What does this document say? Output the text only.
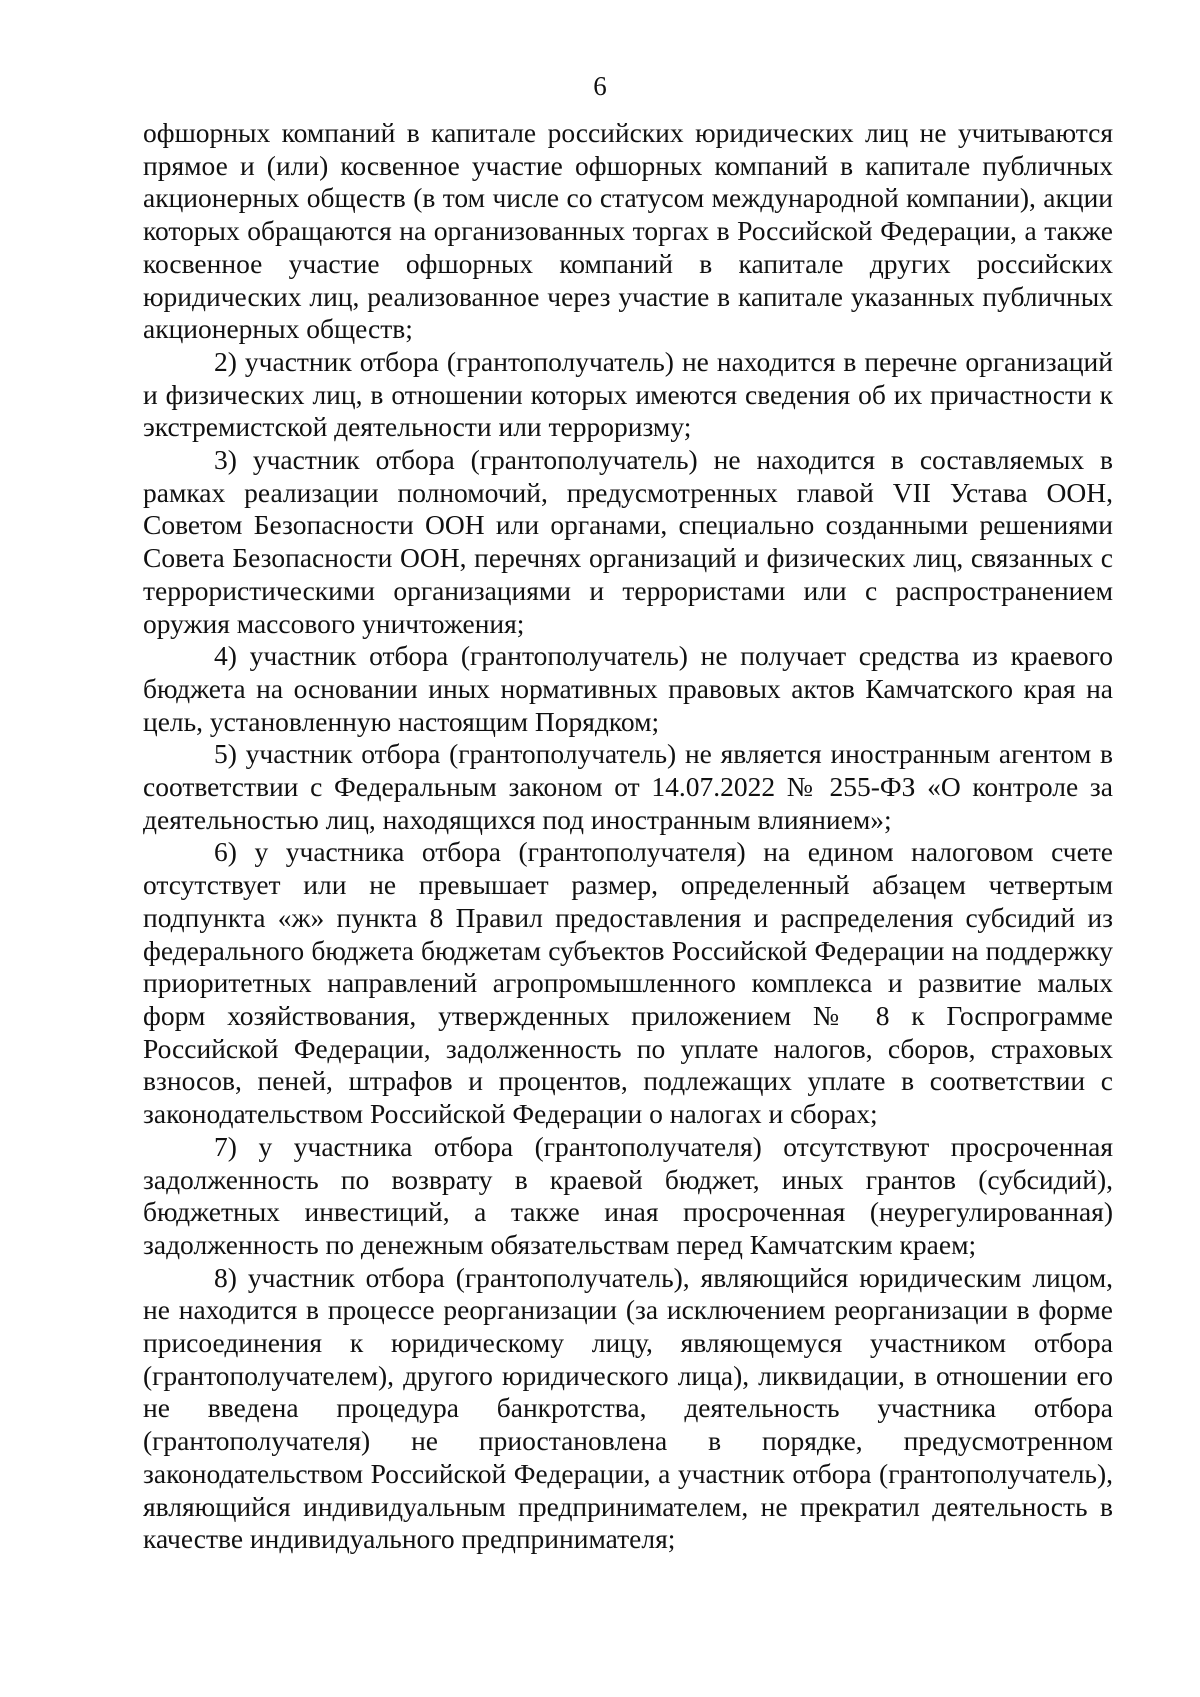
6

офшорных компаний в капитале российских юридических лиц не учитываются прямое и (или) косвенное участие офшорных компаний в капитале публичных акционерных обществ (в том числе со статусом международной компании), акции которых обращаются на организованных торгах в Российской Федерации, а также косвенное участие офшорных компаний в капитале других российских юридических лиц, реализованное через участие в капитале указанных публичных акционерных обществ;

2) участник отбора (грантополучатель) не находится в перечне организаций и физических лиц, в отношении которых имеются сведения об их причастности к экстремистской деятельности или терроризму;

3) участник отбора (грантополучатель) не находится в составляемых в рамках реализации полномочий, предусмотренных главой VII Устава ООН, Советом Безопасности ООН или органами, специально созданными решениями Совета Безопасности ООН, перечнях организаций и физических лиц, связанных с террористическими организациями и террористами или с распространением оружия массового уничтожения;

4) участник отбора (грантополучатель) не получает средства из краевого бюджета на основании иных нормативных правовых актов Камчатского края на цель, установленную настоящим Порядком;

5) участник отбора (грантополучатель) не является иностранным агентом в соответствии с Федеральным законом от 14.07.2022 № 255-ФЗ «О контроле за деятельностью лиц, находящихся под иностранным влиянием»;

6) у участника отбора (грантополучателя) на едином налоговом счете отсутствует или не превышает размер, определенный абзацем четвертым подпункта «ж» пункта 8 Правил предоставления и распределения субсидий из федерального бюджета бюджетам субъектов Российской Федерации на поддержку приоритетных направлений агропромышленного комплекса и развитие малых форм хозяйствования, утвержденных приложением № 8 к Госпрограмме Российской Федерации, задолженность по уплате налогов, сборов, страховых взносов, пеней, штрафов и процентов, подлежащих уплате в соответствии с законодательством Российской Федерации о налогах и сборах;

7) у участника отбора (грантополучателя) отсутствуют просроченная задолженность по возврату в краевой бюджет, иных грантов (субсидий), бюджетных инвестиций, а также иная просроченная (неурегулированная) задолженность по денежным обязательствам перед Камчатским краем;

8) участник отбора (грантополучатель), являющийся юридическим лицом, не находится в процессе реорганизации (за исключением реорганизации в форме присоединения к юридическому лицу, являющемуся участником отбора (грантополучателем), другого юридического лица), ликвидации, в отношении его не введена процедура банкротства, деятельность участника отбора (грантополучателя) не приостановлена в порядке, предусмотренном законодательством Российской Федерации, а участник отбора (грантополучатель), являющийся индивидуальным предпринимателем, не прекратил деятельность в качестве индивидуального предпринимателя;
